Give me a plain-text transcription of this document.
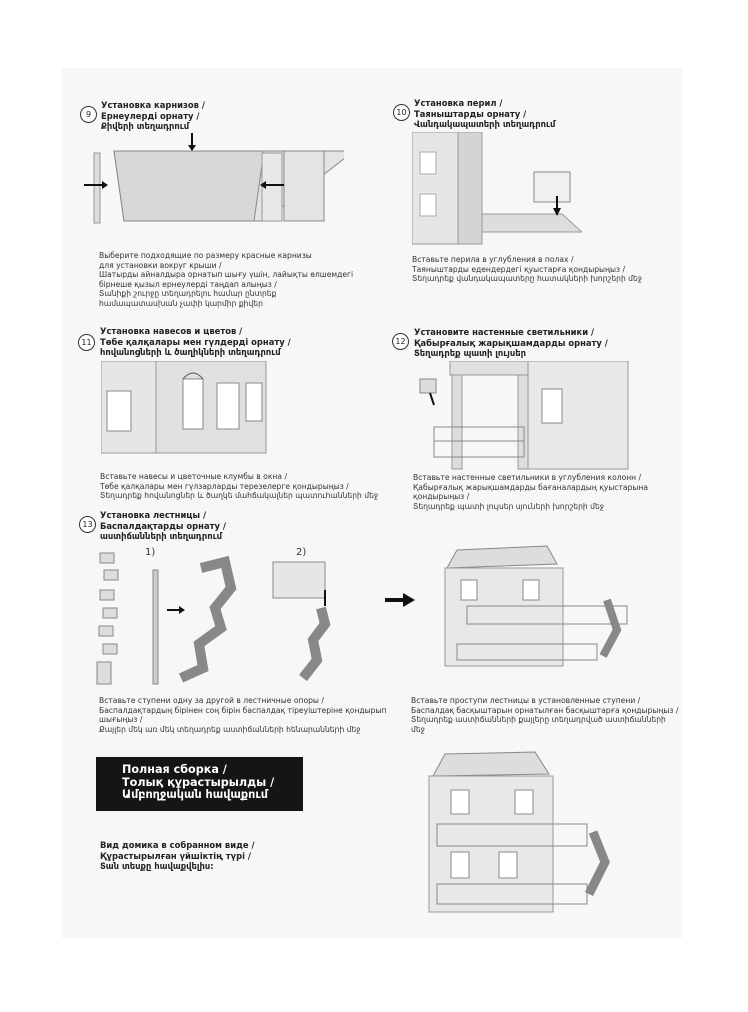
9
Установка карнизов /
Ернеулерді орнату /
Քիվերի տեղադրում
Выберите подходящие по размеру красные карнизы
для установки вокруг крыши /
Шатырды айналдыра орнатып шығу үшін, лайықты өлшемдегі
бірнеше қызыл ернеулерді таңдап алыңыз /
Տանիքի շուրջը տեղադրելու համար ընտրեք
համապատասխան չափի կարմիր քիվեր
10
Установка перил /
Таяныштарды орнату /
Վանդակապատերի տեղադրում
Вставьте перила в углубления в полах /
Таяныштарды едендердегі қуыстарға қондырыңыз /
Տեղադրեք վանդակապատերը հատակների խորշերի մեջ
11
Установка навесов и цветов /
Төбе қалқалары мен гүлдерді орнату /
հովանոցների և ծաղիկների տեղադրում
Вставьте навесы и цветочные клумбы в окна /
Төбе қалқалары мен гүлзарларды терезелерге қондырыңыз /
Տեղադրեք հովանոցներ և ծաղկե մահճակալներ պատուհանների մեջ
12
Установите настенные светильники /
Қабырғалық жарықшамдарды орнату /
Տեղադրեք պատի լույսեր
Вставьте настенные светильники в углубления колонн /
Қабырғалық жарықшамдарды бағаналардың қуыстарына
қондырыңыз /
Տեղադրեք պատի լույսեր սյուների խորշերի մեջ
13
Установка лестницы /
Баспалдақтарды орнату /
աստիճանների տեղադրում
1)	2)
Вставьте ступени одну за другой в лестничные опоры /
Баспалдақтардың бірінен соң бірін баспалдақ тіреуіштеріне қондырып
шығыңыз /
Քայլեր մեկ առ մեկ տեղադրեք աստիճանների հենարանների մեջ
Вставьте проступи лестницы в установленные ступени /
Баспалдақ басқыштарын орнатылған басқыштарға қондырыңыз /
Տեղադրեք աստիճանների քայլերը տեղադրված աստիճանների
մեջ
Полная сборка /
Толық құрастырылды /
Ամբողջական հավաքում
Вид домика в собранном виде /
Құрастырылған үйшіктің түрі /
Տան տեսքը հավաքվելիս:
